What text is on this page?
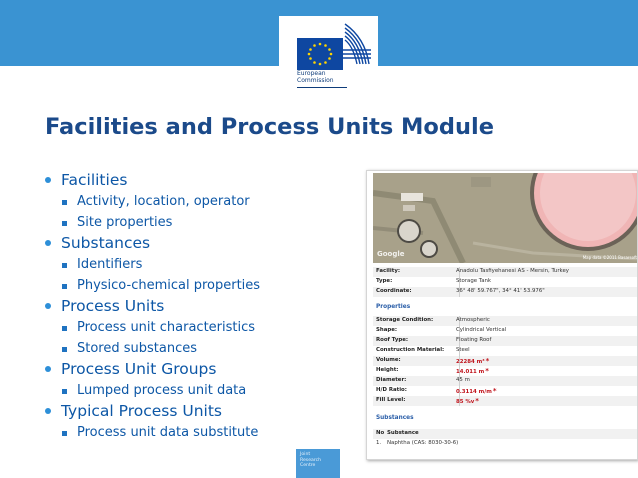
European
Commission
Facilities and Process Units Module
Facilities
Activity, location, operator
Site properties
Substances
Identifiers
Physico-chemical properties
Process Units
Process unit characteristics
Stored substances
Process Unit Groups
Lumped process unit data
Typical Process Units
Process unit data substitute
Google	Map data ©2011 Basarsoft
Facility:	Anadolu Tasfiyehanesi AS - Mersin, Turkey
Type:	Storage Tank
Coordinate:	36° 48' 59.767", 34° 41' 53.976"
Properties
Storage Condition:	Atmospheric
Shape:	Cylindrical Vertical
Roof Type:	Floating Roof
Construction Material: Steel
Volume:	22284 m³*
Height:	14.011 m*
Diameter:	45 m
H/D Ratio:	0.3114 m/m*
Fill Level:	85 %v*
Substances
No Substance
1. Naphtha (CAS: 8030-30-6)
Joint
Research
Centre
